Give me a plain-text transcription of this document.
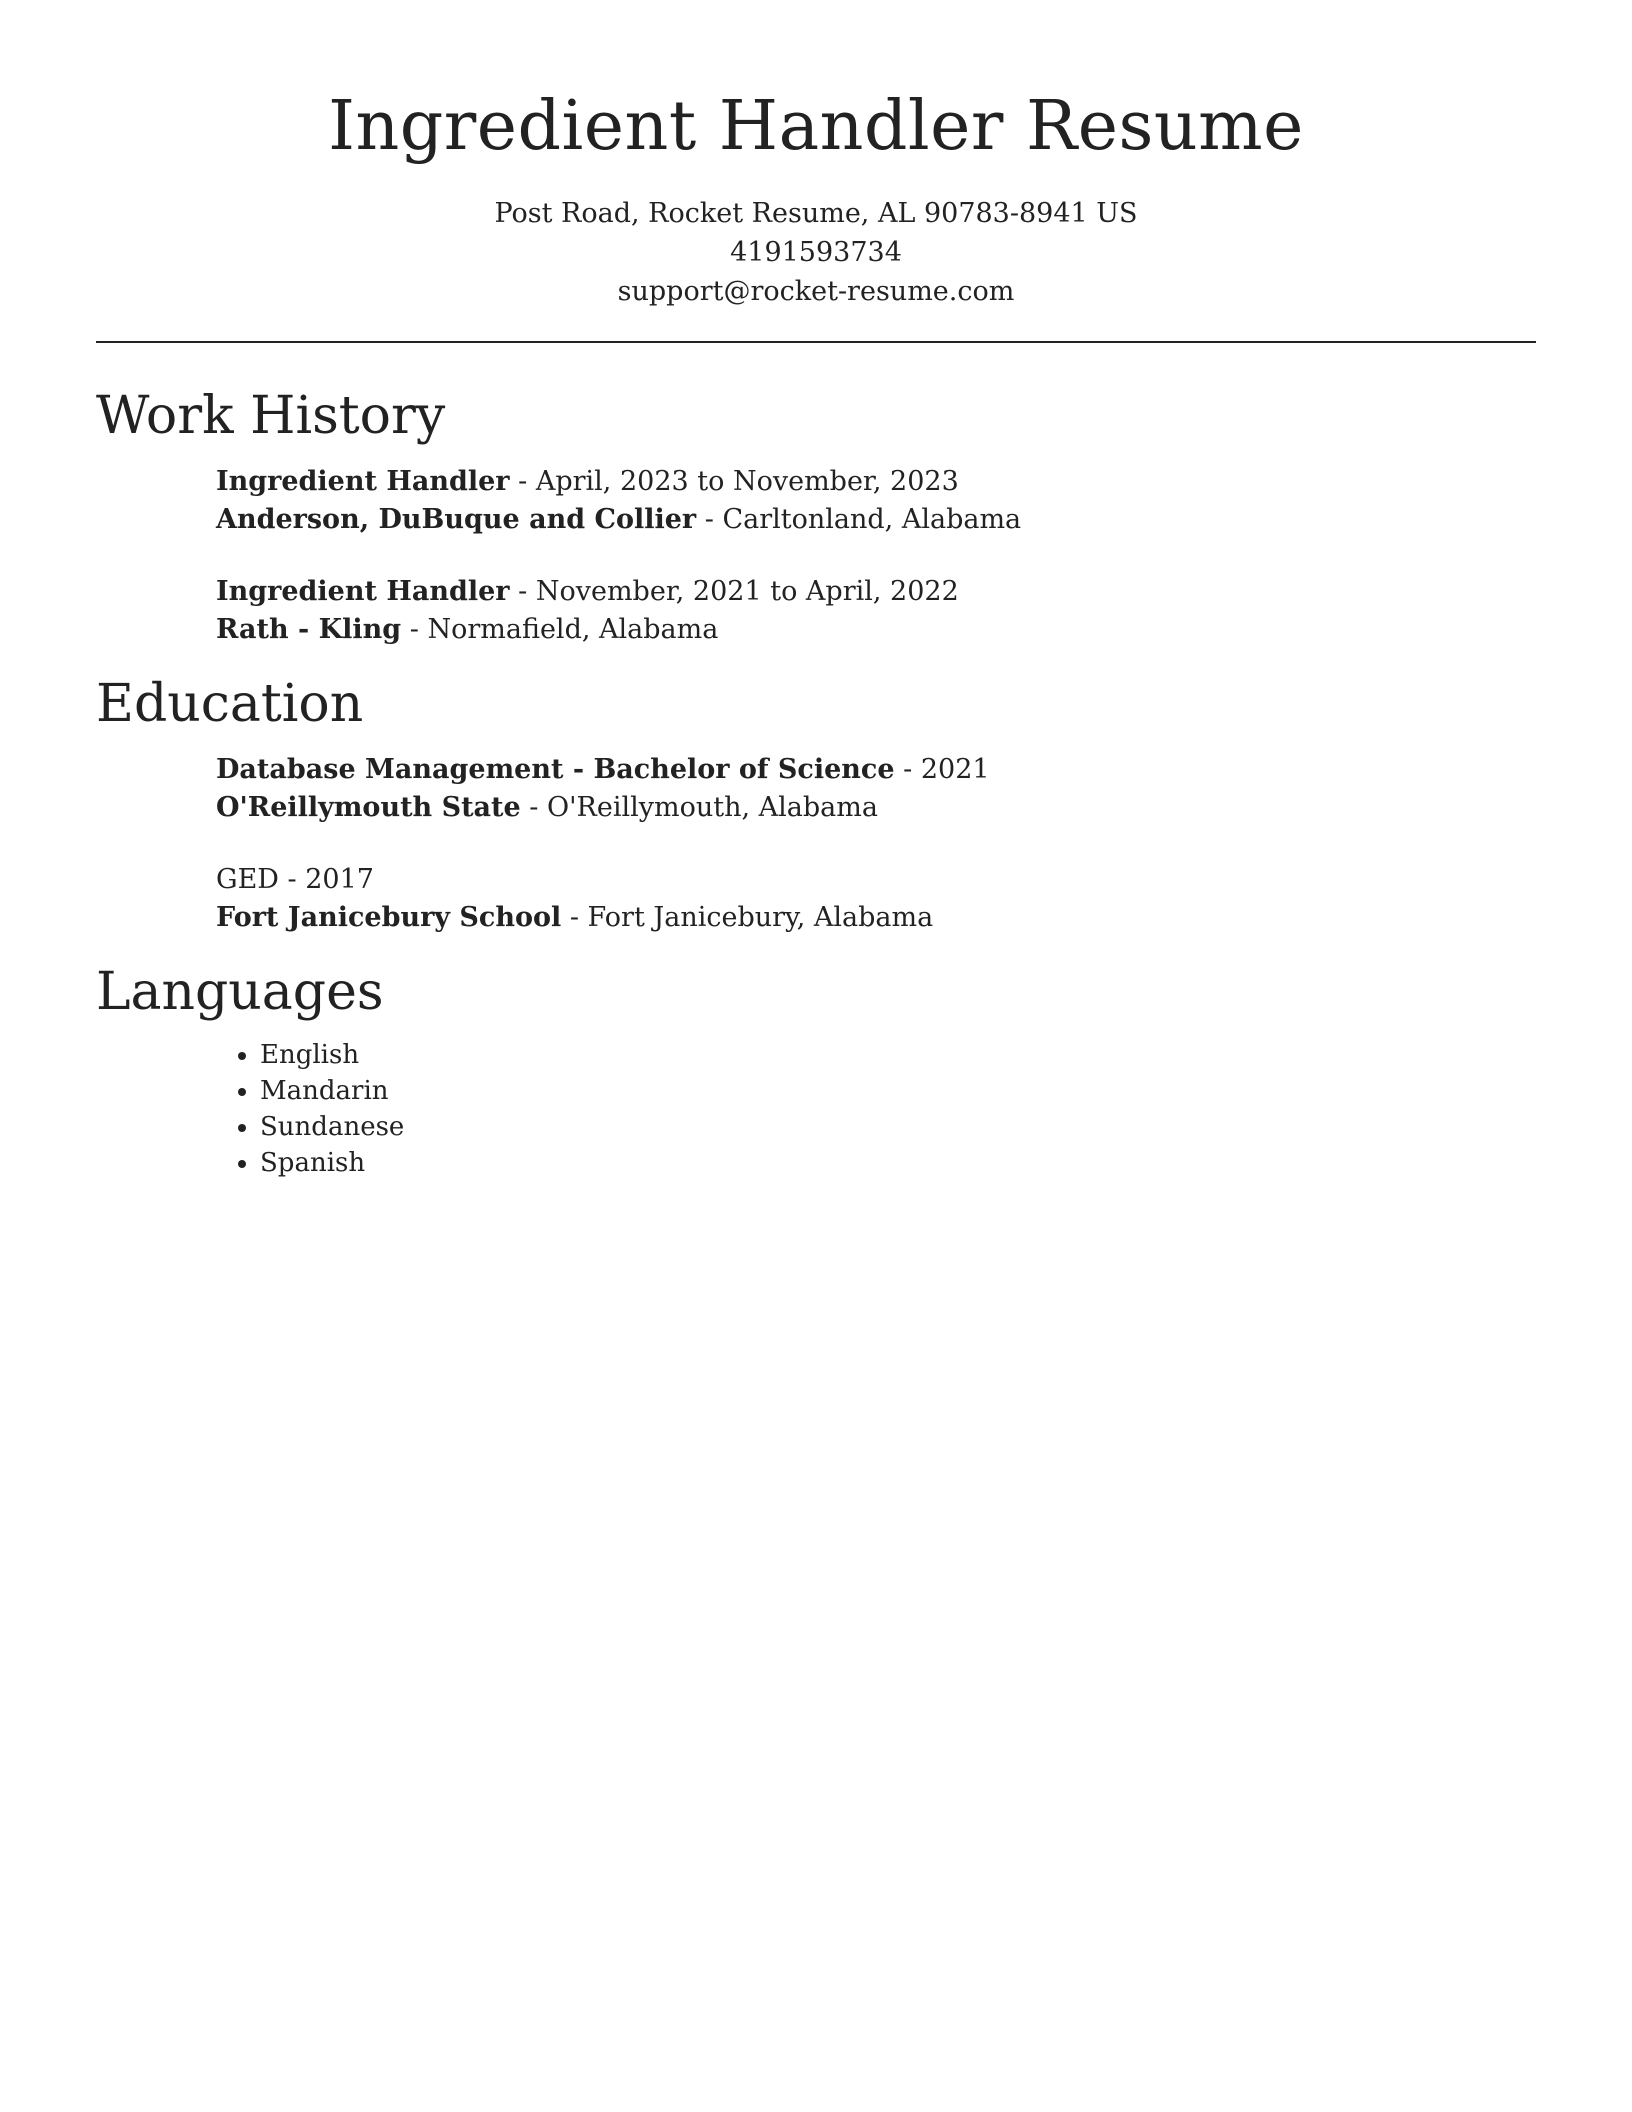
Ingredient Handler Resume
Post Road, Rocket Resume, AL 90783-8941 US
4191593734
support@rocket-resume.com
Work History
Ingredient Handler - April, 2023 to November, 2023
Anderson, DuBuque and Collier - Carltonland, Alabama
Ingredient Handler - November, 2021 to April, 2022
Rath - Kling - Normafield, Alabama
Education
Database Management - Bachelor of Science - 2021
O'Reillymouth State - O'Reillymouth, Alabama
GED - 2017
Fort Janicebury School - Fort Janicebury, Alabama
Languages
• English
• Mandarin
• Sundanese
• Spanish
